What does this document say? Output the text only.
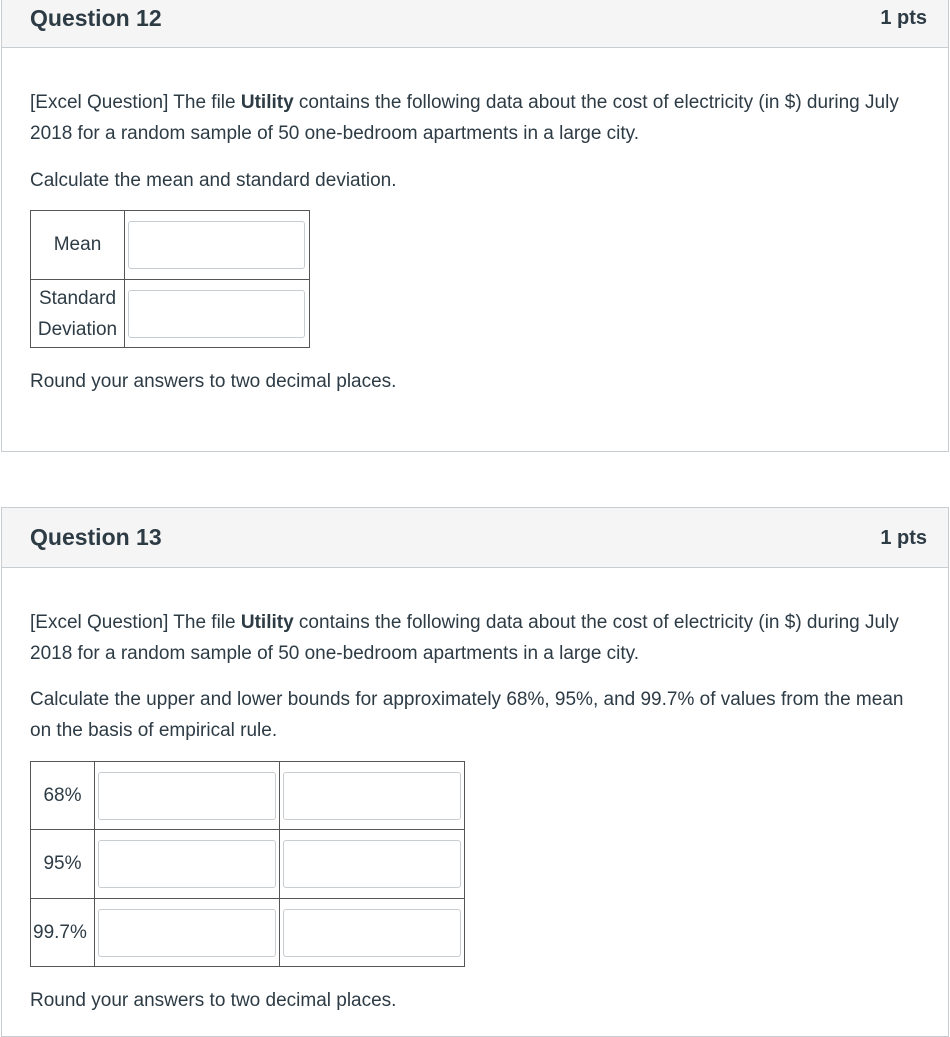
Question 12	1 pts

[Excel Question] The file Utility contains the following data about the cost of electricity (in $) during July 2018 for a random sample of 50 one-bedroom apartments in a large city.

Calculate the mean and standard deviation.

Mean	

Standard
Deviation	

Round your answers to two decimal places.

Question 13	1 pts

[Excel Question] The file Utility contains the following data about the cost of electricity (in $) during July 2018 for a random sample of 50 one-bedroom apartments in a large city.

Calculate the upper and lower bounds for approximately 68%, 95%, and 99.7% of values from the mean on the basis of empirical rule.

68%	

95%	

99.7%	

Round your answers to two decimal places.
